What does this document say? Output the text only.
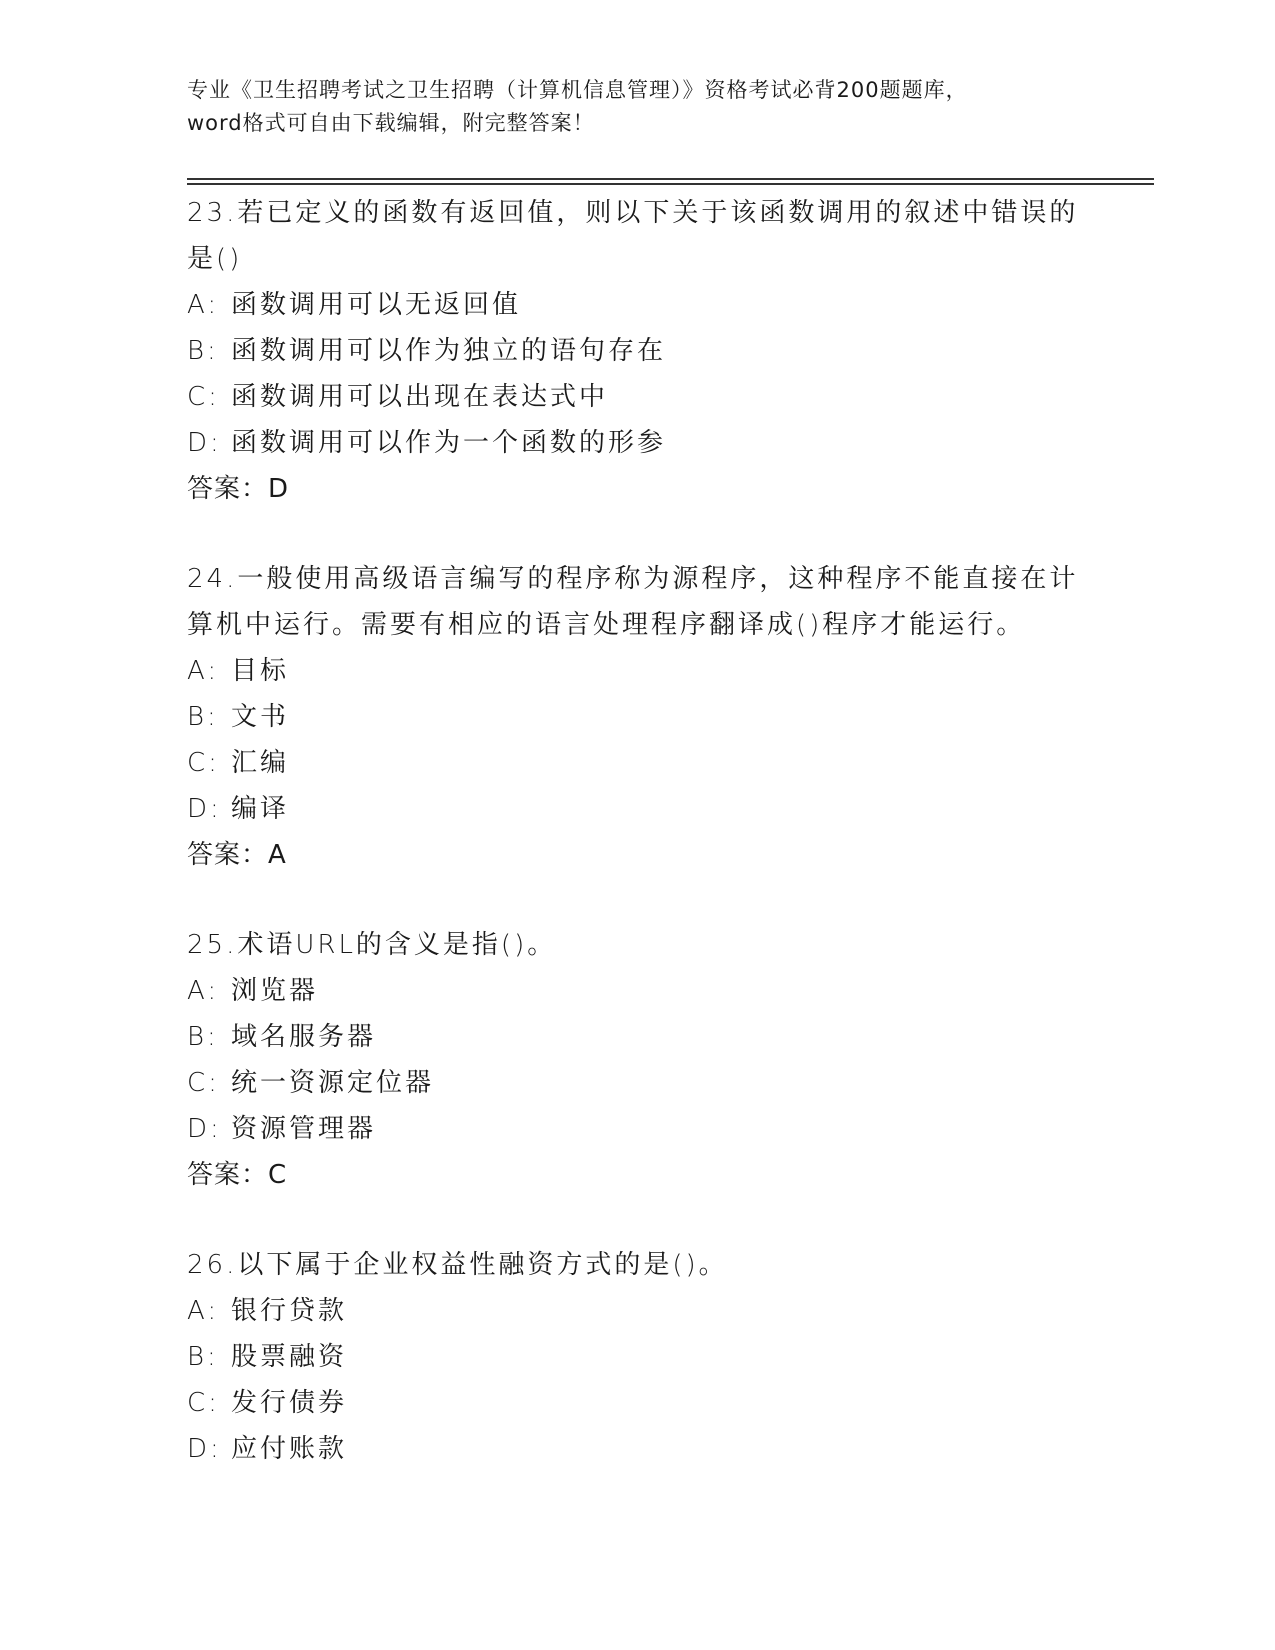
专业《卫生招聘考试之卫生招聘（计算机信息管理）》资格考试必背200题题库，
word格式可自由下载编辑，附完整答案！

23.若已定义的函数有返回值，则以下关于该函数调用的叙述中错误的是()

A: 函数调用可以无返回值

B: 函数调用可以作为独立的语句存在

C: 函数调用可以出现在表达式中

D: 函数调用可以作为一个函数的形参

答案：D

24.一般使用高级语言编写的程序称为源程序，这种程序不能直接在计算机中运行。需要有相应的语言处理程序翻译成()程序才能运行。

A: 目标

B: 文书

C: 汇编

D: 编译

答案：A

25.术语URL的含义是指()。

A: 浏览器

B: 域名服务器

C: 统一资源定位器

D: 资源管理器

答案：C

26.以下属于企业权益性融资方式的是()。

A: 银行贷款

B: 股票融资

C: 发行债券

D: 应付账款
